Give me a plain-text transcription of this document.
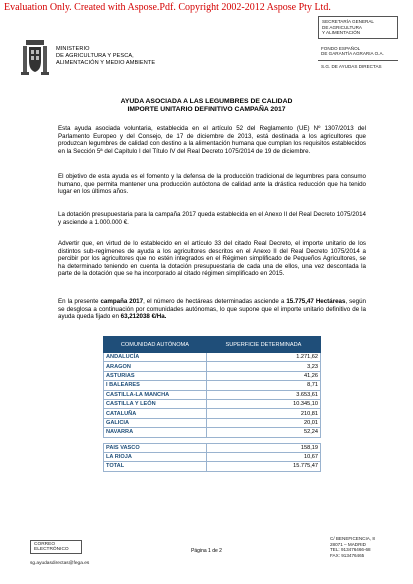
Evaluation Only. Created with Aspose.Pdf. Copyright 2002-2012 Aspose Pty Ltd.
MINISTERIO
DE AGRICULTURA Y PESCA,
ALIMENTACIÓN Y MEDIO AMBIENTE
SECRETARÍA GENERAL
DE AGRICULTURA
Y ALIMENTACIÓN
FONDO ESPAÑOL
DE GARANTÍA AGRARIA O.A.
S.G. DE AYUDAS DIRECTAS
AYUDA ASOCIADA A LAS LEGUMBRES DE CALIDAD
IMPORTE UNITARIO DEFINITIVO CAMPAÑA 2017
Esta ayuda asociada voluntaria, establecida en el artículo 52 del Reglamento (UE) Nº 1307/2013 del Parlamento Europeo y del Consejo, de 17 de diciembre de 2013, está destinada a los agricultores que produzcan legumbres de calidad con destino a la alimentación humana que cumplan los requisitos establecidos en la Sección 5ª del Capítulo I del Título IV del Real Decreto 1075/2014 de 19 de diciembre.
El objetivo de esta ayuda es el fomento y la defensa de la producción tradicional de legumbres para consumo humano, que permita mantener una producción autóctona de calidad ante la drástica reducción que ha tenido lugar en los últimos años.
La dotación presupuestaria para la campaña 2017 queda establecida en el Anexo II del Real Decreto 1075/2014 y asciende a 1.000.000 €.
Advertir que, en virtud de lo establecido en el artículo 33 del citado Real Decreto, el importe unitario de los distintos sub-regímenes de ayuda a los agricultores descritos en el Anexo II del Real Decreto 1075/2014 a percibir por los agricultores que no estén integrados en el Régimen simplificado de Pequeños Agricultores, se ha determinado teniendo en cuenta la dotación presupuestaria de cada una de ellos, una vez descontada la parte de la dotación que se ha incorporado al citado régimen simplificado en 2015.
En la presente campaña 2017, el número de hectáreas determinadas asciende a 15.775,47 Hectáreas, según se desglosa a continuación por comunidades autónomas, lo que supone que el importe unitario definitivo de la ayuda queda fijado en 63,212038 €/Ha.
COMUNIDAD AUTÓNOMA	SUPERFICIE DETERMINADA
ANDALUCÍA	1.271,62
ARAGON	3,23
ASTURIAS	41,26
I BALEARES	8,71
CASTILLA-LA MANCHA	3.653,61
CASTILLA Y LEÓN	10.345,10
CATALUÑA	210,81
GALICIA	20,01
NAVARRA	52,24

PAIS VASCO	158,19
LA RIOJA	10,67
TOTAL	15.775,47
CORREO ELECTRÓNICO
sg.ayudasdirectas@fega.es
Página 1 de 2
C/ BENEFICENCIA, 8
28071 – MADRID
TEL: 913476466-68
FAX: 913476465
